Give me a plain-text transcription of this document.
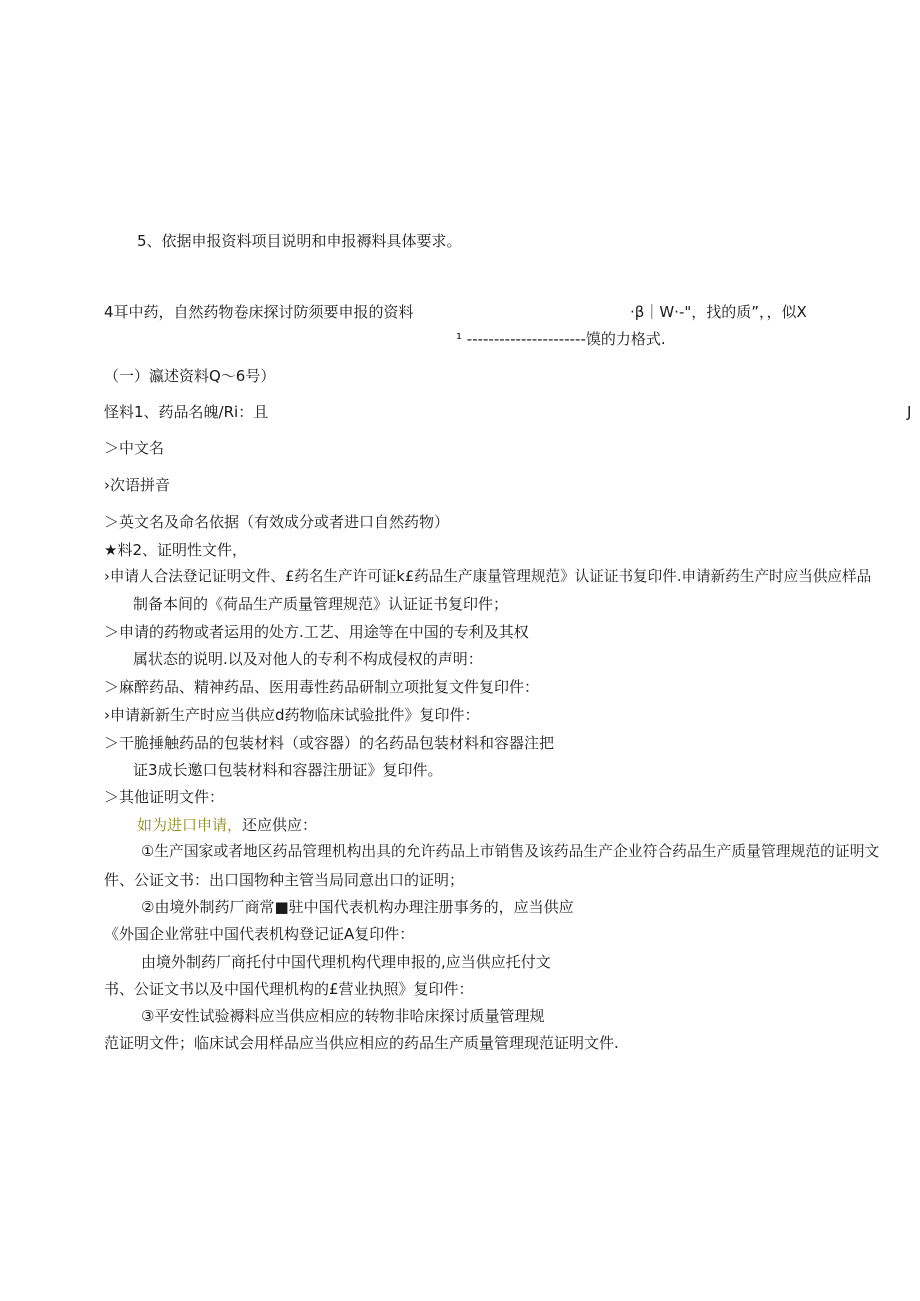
5、依据申报资料项目说明和申报褥料具体要求。
4耳中药，自然药物卷床探讨防须要申报的资料	·β｜W·-"，找的质”，，似X
¹ ----------------------馍的力格式.
（一）瀛述资料Q～6号）
怪料1、药品名魄/Ri：且	J
＞中文名
›次语拼音
＞英文名及命名依据（有效成分或者进口自然药物）
★料2、证明性文件，
›申请人合法登记证明文件、£药名生产许可证k£药品生产康量管理规范》认证证书复印件.申请新药生产时应当供应样品
制备本间的《荷品生产质量管理规范》认证证书复印件；
＞申请的药物或者运用的处方.工艺、用途等在中国的专利及其权
属状态的说明.以及对他人的专利不构成侵权的声明：
＞麻醉药品、精神药品、医用毒性药品研制立项批复文件复印件：
›申请新新生产时应当供应d药物临床试验批件》复印件：
＞干脆捶触药品的包装材料（或容器）的名药品包装材料和容器注把
证3成长邀口包装材料和容器注册证》复印件。
＞其他证明文件：
如为进口申请，还应供应：
①生产国家或者地区药品管理机构出具的允许药品上市销售及该药品生产企业符合药品生产质量管理规范的证明文
件、公证文书：出口国物种主管当局同意出口的证明；
②由境外制药厂商常■驻中国代表机构办理注册事务的，应当供应
《外国企业常驻中国代表机构登记证A复印件：
由境外制药厂商托付中国代理机构代理申报的,应当供应托付文
书、公证文书以及中国代理机构的£营业执照》复印件：
③平安性试验褥料应当供应相应的转物非哈床探讨质量管理规
范证明文件；临床试会用样品应当供应相应的药品生产质量管理现范证明文件.
